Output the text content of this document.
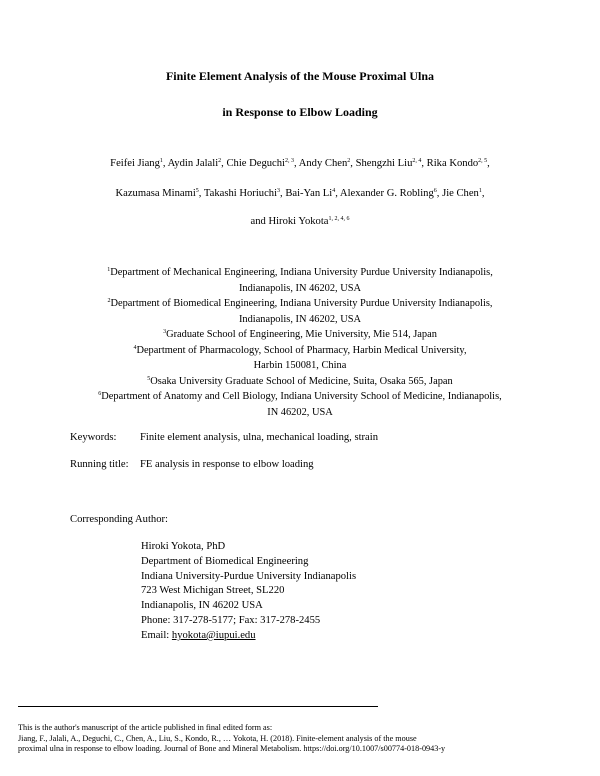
Finite Element Analysis of the Mouse Proximal Ulna
in Response to Elbow Loading
Feifei Jiang$^1$, Aydin Jalali$^2$, Chie Deguchi$^{2, 3}$, Andy Chen$^2$, Shengzhi Liu$^{2, 4}$, Rika Kondo$^{2, 5}$,
Kazumasa Minami$^5$, Takashi Horiuchi$^3$, Bai-Yan Li$^4$, Alexander G. Robling$^6$, Jie Chen$^1$,
and Hiroki Yokota$^{1, 2, 4, 6}$
$^1$Department of Mechanical Engineering, Indiana University Purdue University Indianapolis,
Indianapolis, IN 46202, USA
$^2$Department of Biomedical Engineering, Indiana University Purdue University Indianapolis,
Indianapolis, IN 46202, USA
$^3$Graduate School of Engineering, Mie University, Mie 514, Japan
$^4$Department of Pharmacology, School of Pharmacy, Harbin Medical University,
Harbin 150081, China
$^5$Osaka University Graduate School of Medicine, Suita, Osaka 565, Japan
$^6$Department of Anatomy and Cell Biology, Indiana University School of Medicine, Indianapolis,
IN 46202, USA
Keywords: Finite element analysis, ulna, mechanical loading, strain
Running title: FE analysis in response to elbow loading
Corresponding Author:
Hiroki Yokota, PhD
Department of Biomedical Engineering
Indiana University-Purdue University Indianapolis
723 West Michigan Street, SL220
Indianapolis, IN 46202 USA
Phone: 317-278-5177; Fax: 317-278-2455
Email: hyokota@iupui.edu
This is the author's manuscript of the article published in final edited form as:
Jiang, F., Jalali, A., Deguchi, C., Chen, A., Liu, S., Kondo, R., … Yokota, H. (2018). Finite-element analysis of the mouse
proximal ulna in response to elbow loading. Journal of Bone and Mineral Metabolism. https://doi.org/10.1007/s00774-018-0943-y
